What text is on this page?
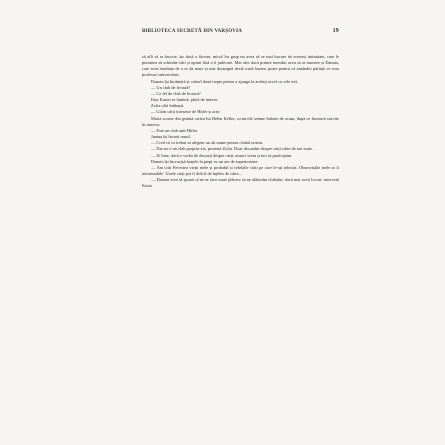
BIBLIOTECA SECRETĂ DIN VARȘOVIA	19

să afli să se înscrie, iar dacă o făceau, micul lor grup nu avea să se mai bucure de aceeași intimitate, care le permitea să schimbe idei și opinii fără a fi judecate. Mai ales dacă printre membri avea să se numere și Danuta, care avea tendința de a se da mare și mai deșteaptă decât toată lumea, poate pentru că amândoi părinții ei erau profesori universitari.

Danuta își încântată și coborî două trepte pentru a ajunge la același nivel cu cele trei.

— Un club de lectură?

— Ce fel de club de lectură?

Fața Kasiei se lumină, plină de interes.

Zofia oftă înăbușit.

— Citim cărți interzise de Hitler și arse.

Maria scoase din geantă cartea lui Helen Keller, cu micile semne îndoite de acum, după ce fuseseră strivite în interior.

— Este un club anti-Hitler.

Janina își încreți nasul.

— Cred că va trebui să alegem un alt nume pentru clubul nostru.

— Dar nu e un club propriu-zis, protestă Zofia. Doar discutăm despre cărți citite de noi toate.

— Ei bine, dacă e vorba de discuții despre cărți, atunci vrem și noi să participăm.

Danuta își încrucișă brațele la piept cu un aer de superioritate.

— Am citit Povestea vieții mele și probabil și celelalte cărți pe care le-ați selectat. Observațiile mele ar fi inestimabile. Unele cărți pot fi dificil de înțeles de către...

— Danuta vrea să spună că ne-ar face mare plăcere să ne alăturăm clubului, dacă mai aveți locuri, interveni Kasia
